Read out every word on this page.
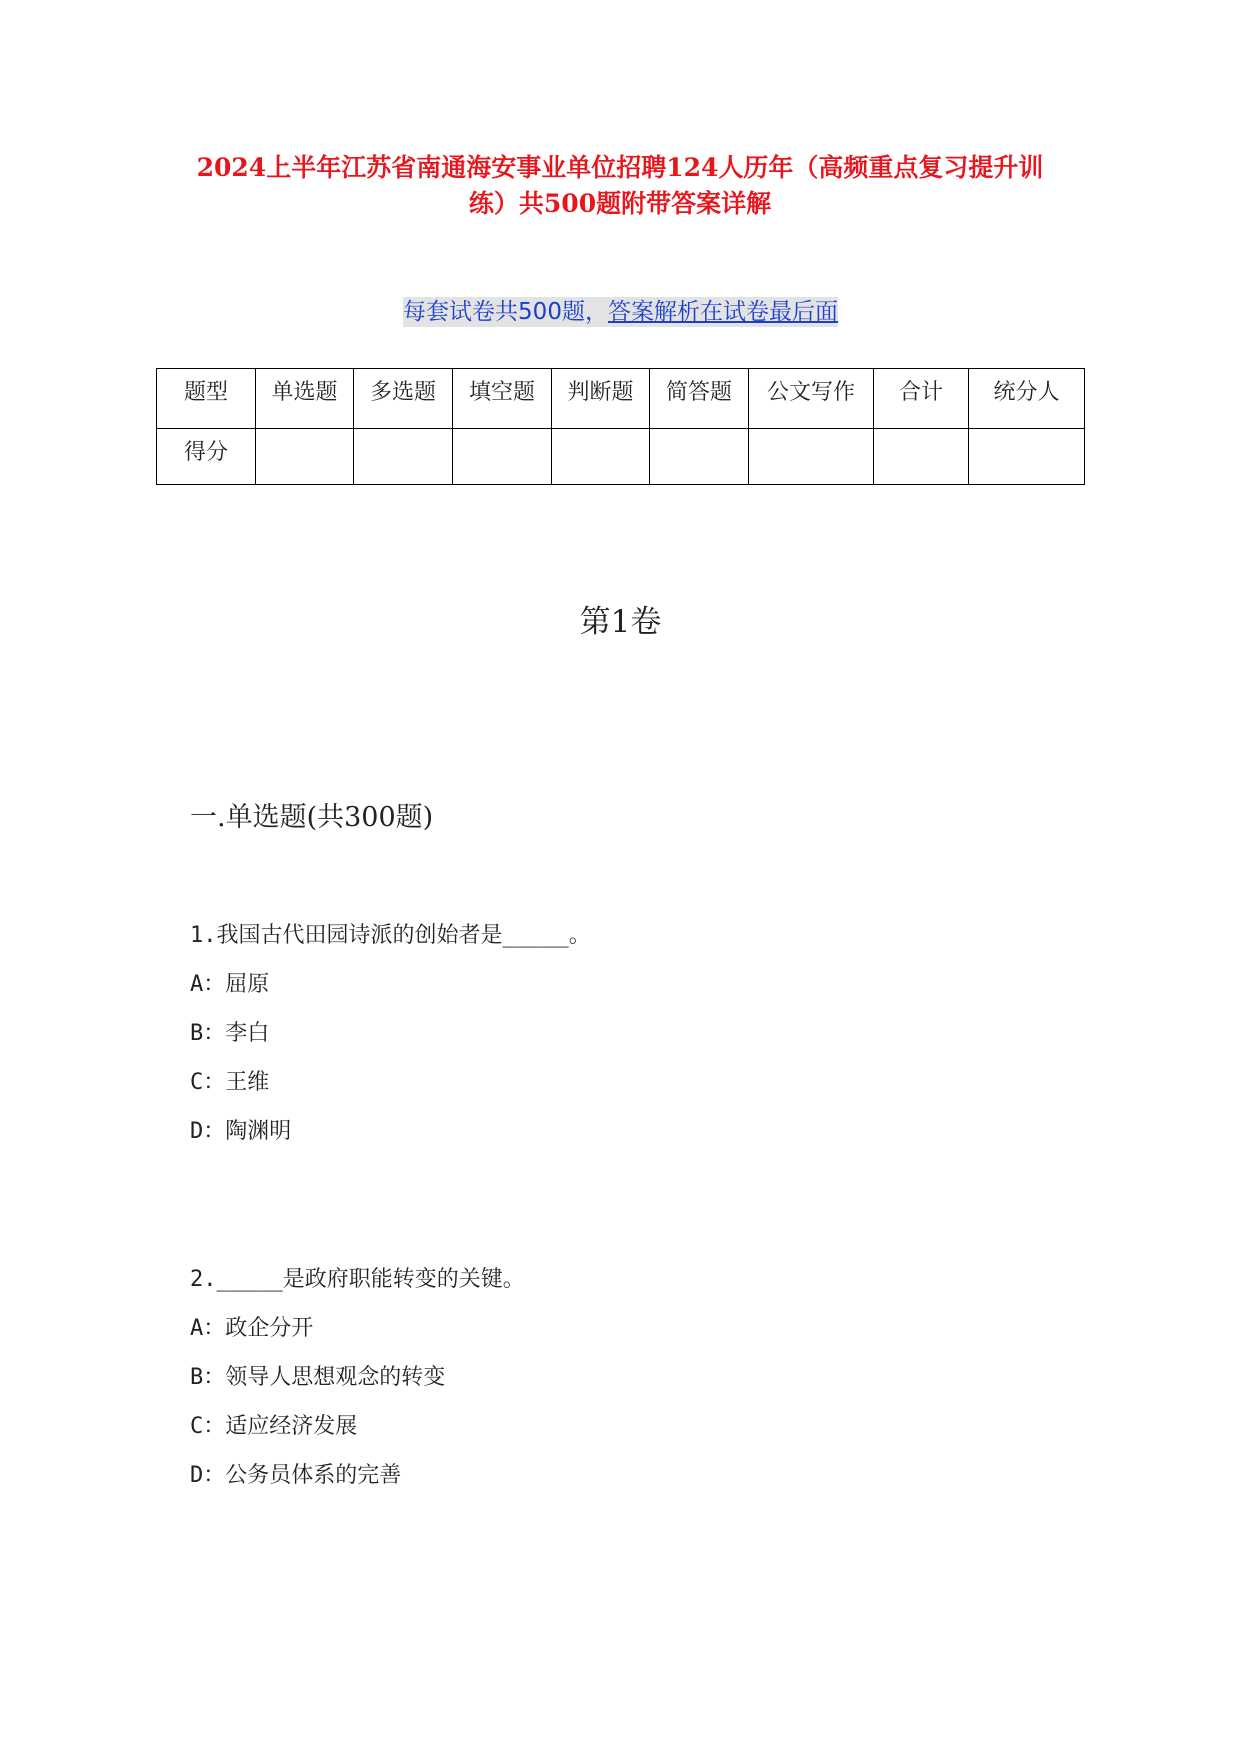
2024上半年江苏省南通海安事业单位招聘124人历年（高频重点复习提升训练）共500题附带答案详解
每套试卷共500题，答案解析在试卷最后面
题型	单选题	多选题	填空题	判断题	简答题	公文写作	合计	统分人
得分								
第1卷
一.单选题(共300题)
1.我国古代田园诗派的创始者是_____。
A：屈原
B：李白
C：王维
D：陶渊明
2._____是政府职能转变的关键。
A：政企分开
B：领导人思想观念的转变
C：适应经济发展
D：公务员体系的完善
